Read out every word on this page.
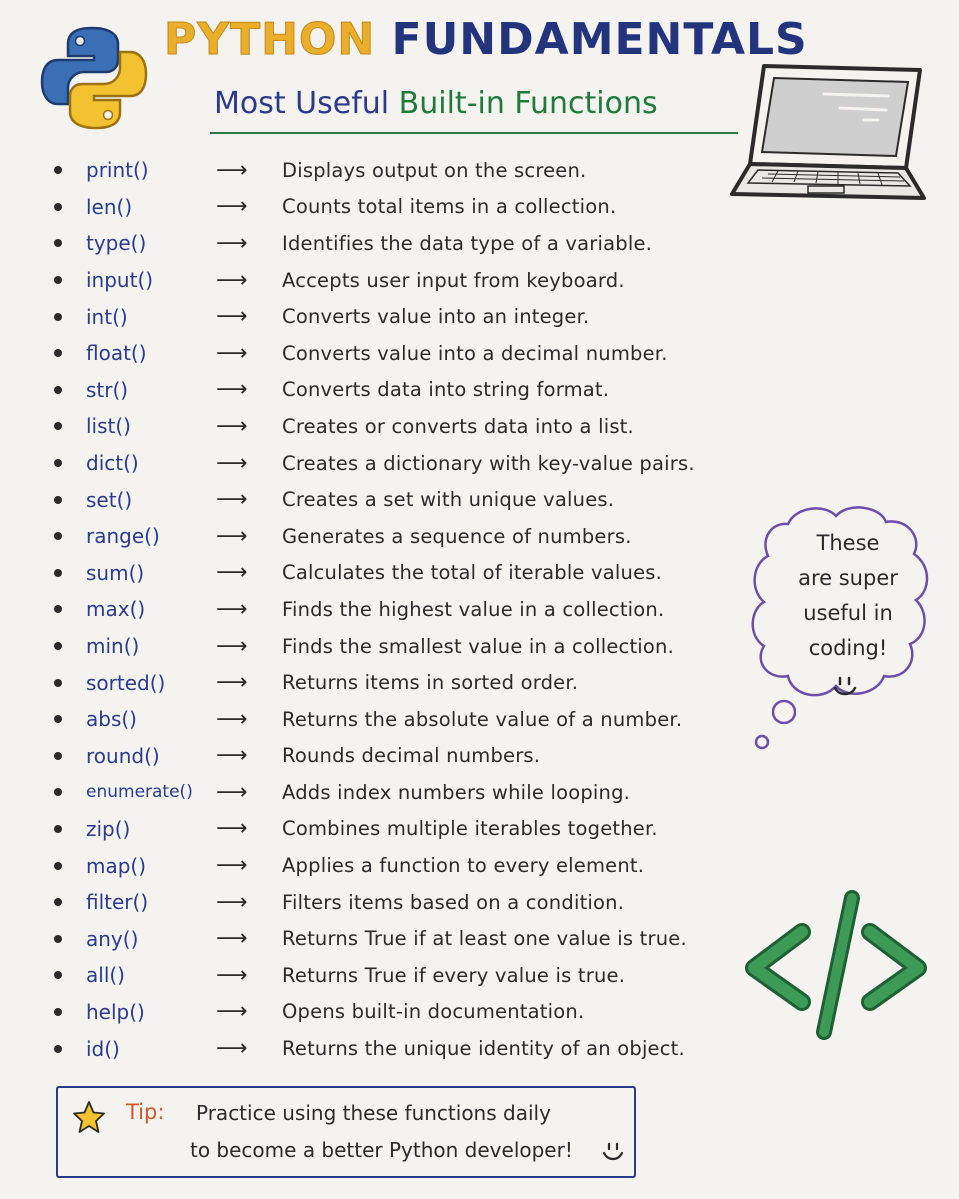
PYTHON FUNDAMENTALS
Most Useful Built-in Functions
print()	⟶	Displays output on the screen.
len()	⟶	Counts total items in a collection.
type()	⟶	Identifies the data type of a variable.
input()	⟶	Accepts user input from keyboard.
int()	⟶	Converts value into an integer.
float()	⟶	Converts value into a decimal number.
str()	⟶	Converts data into string format.
list()	⟶	Creates or converts data into a list.
dict()	⟶	Creates a dictionary with key-value pairs.
set()	⟶	Creates a set with unique values.
range()	⟶	Generates a sequence of numbers.
sum()	⟶	Calculates the total of iterable values.
max()	⟶	Finds the highest value in a collection.
min()	⟶	Finds the smallest value in a collection.
sorted()	⟶	Returns items in sorted order.
abs()	⟶	Returns the absolute value of a number.
round()	⟶	Rounds decimal numbers.
enumerate()	⟶	Adds index numbers while looping.
zip()	⟶	Combines multiple iterables together.
map()	⟶	Applies a function to every element.
filter()	⟶	Filters items based on a condition.
any()	⟶	Returns True if at least one value is true.
all()	⟶	Returns True if every value is true.
help()	⟶	Opens built-in documentation.
id()	⟶	Returns the unique identity of an object.
These
are super
useful in
coding!
Tip: Practice using these functions daily
to become a better Python developer!
